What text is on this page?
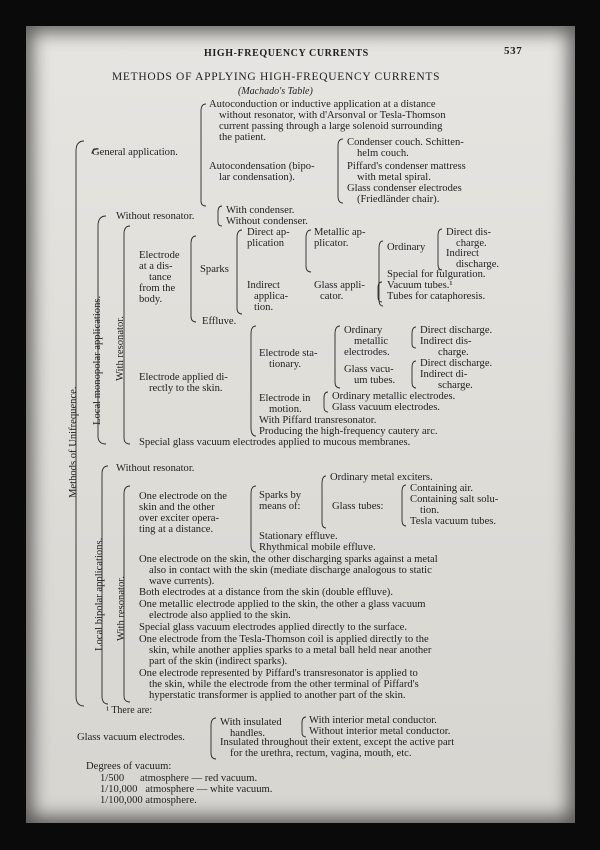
HIGH-FREQUENCY CURRENTS	537
METHODS OF APPLYING HIGH-FREQUENCY CURRENTS
(Machado's Table)
Methods of Unifrequence.
Local monopolar applications. With resonator.
Local bipolar applications. With resonator.
Autoconduction or inductive application at a distance
without resonator, with d'Arsonval or Tesla-Thomson
current passing through a large solenoid surrounding
the patient.
General application.
Condenser couch. Schitten-
helm couch.
Autocondensation (bipo-	Piffard's condenser mattress
lar condensation).	with metal spiral.
Glass condenser electrodes
(Friedländer chair).
Without resonator.
With condenser.
Without condenser.
Direct ap- Metallic ap-	Direct dis-
plication	plicator.	charge.
Electrode
Ordinary
Indirect
at a dis-	discharge.
tance
Sparks	Special for fulguration.
from the	Indirect	Glass appli- Vacuum tubes.¹
body.	applica-	cator.	Tubes for cataphoresis.
tion.
Effluve.
Ordinary	Direct discharge.
metallic	Indirect dis-
Electrode sta- electrodes.	charge.
tionary.	Direct discharge.
Electrode applied di-
Glass vacu- Indirect di-
rectly to the skin.
um tubes.	scharge.
Electrode in Ordinary metallic electrodes.
motion.	Glass vacuum electrodes.
With Piffard transresonator.
Producing the high-frequency cautery arc.
Special glass vacuum electrodes applied to mucous membranes.
Without resonator.
Ordinary metal exciters.
One electrode on the	Sparks by
Containing air.
skin and the other	means of:	Glass tubes:
Containing salt solu-
over exciter opera-
tion.
ting at a distance.
Tesla vacuum tubes.
Stationary effluve.
Rhythmical mobile effluve.
One electrode on the skin, the other discharging sparks against a metal
also in contact with the skin (mediate discharge analogous to static
wave currents).
Both electrodes at a distance from the skin (double effluve).
One metallic electrode applied to the skin, the other a glass vacuum
electrode also applied to the skin.
Special glass vacuum electrodes applied directly to the surface.
One electrode from the Tesla-Thomson coil is applied directly to the
skin, while another applies sparks to a metal ball held near another
part of the skin (indirect sparks).
One electrode represented by Piffard's transresonator is applied to
the skin, while the electrode from the other terminal of Piffard's
hyperstatic transformer is applied to another part of the skin.
¹ There are:
Glass vacuum electrodes.
With insulated
handles.
With interior metal conductor.
Without interior metal conductor.
Insulated throughout their extent, except the active part
for the urethra, rectum, vagina, mouth, etc.
Degrees of vacuum:
1/500      atmosphere — red vacuum.
1/10,000   atmosphere — white vacuum.
1/100,000 atmosphere.
